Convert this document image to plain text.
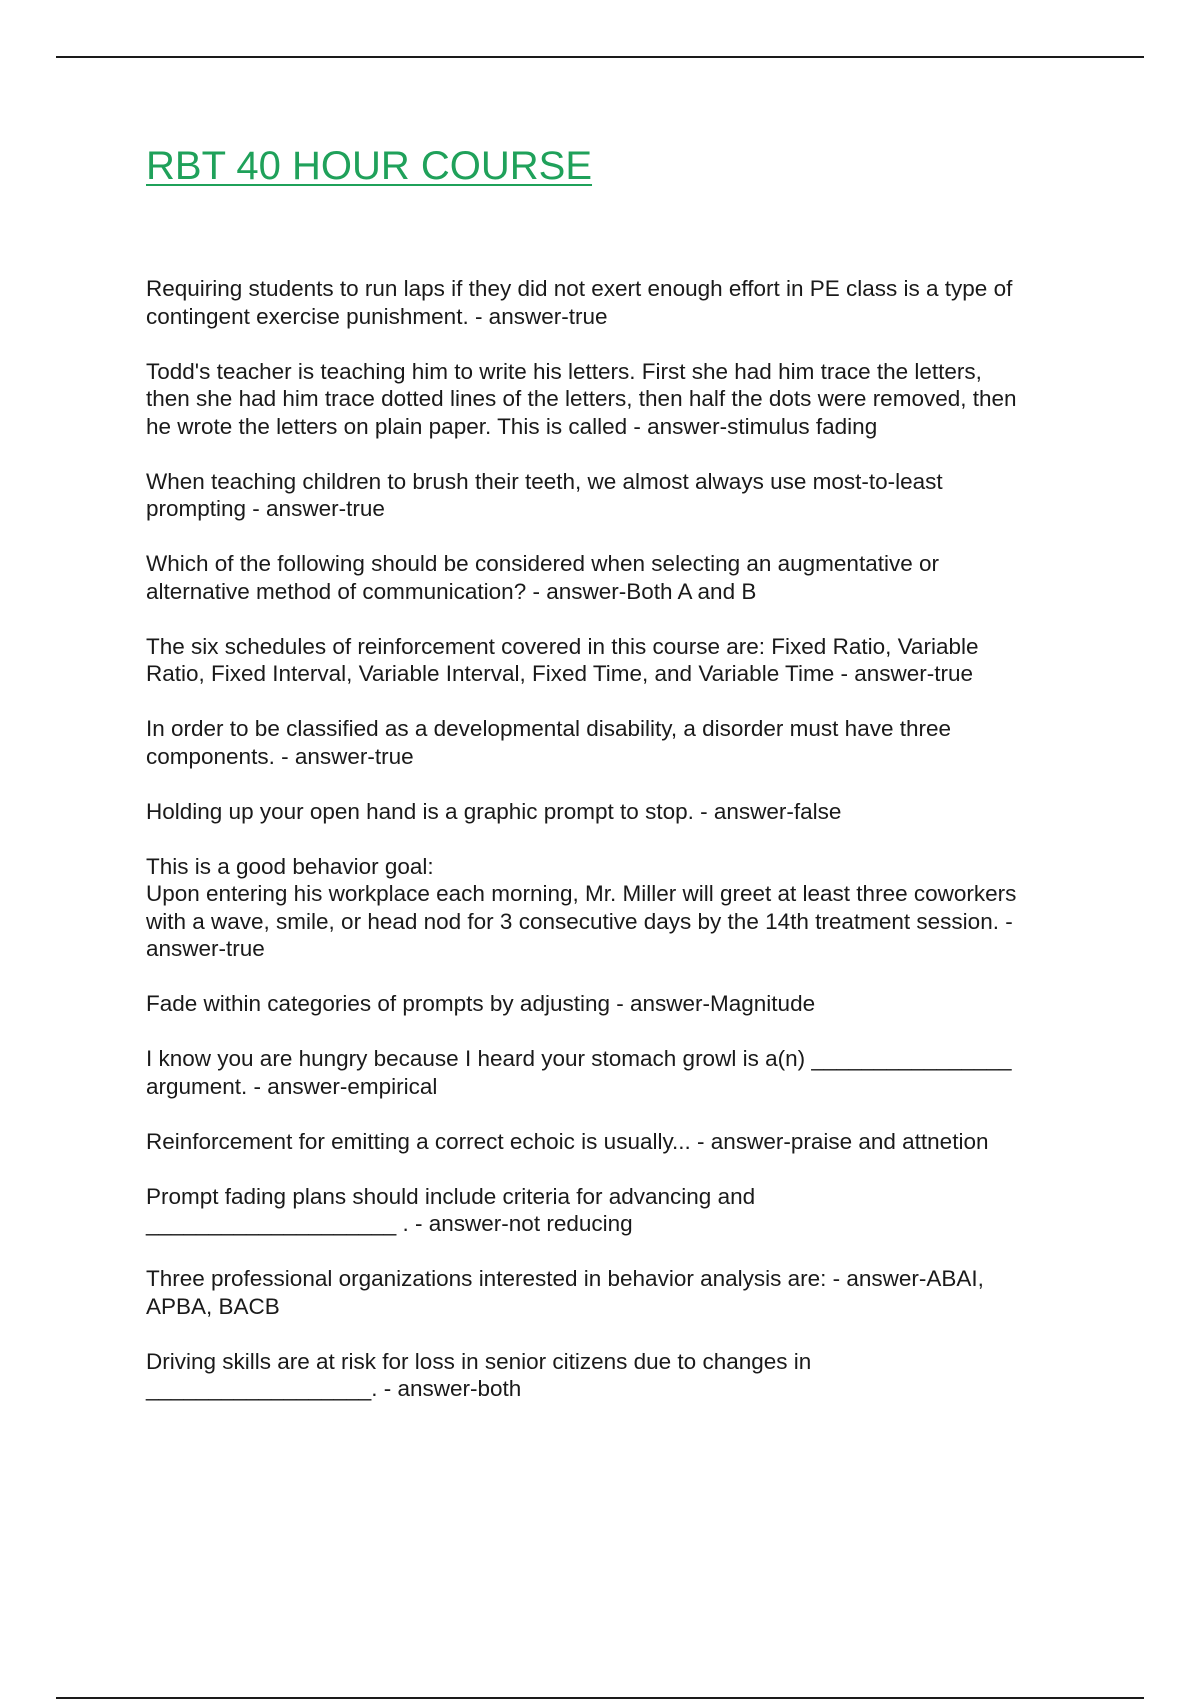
RBT 40 HOUR COURSE
Requiring students to run laps if they did not exert enough effort in PE class is a type of
contingent exercise punishment. - answer-true
Todd's teacher is teaching him to write his letters. First she had him trace the letters,
then she had him trace dotted lines of the letters, then half the dots were removed, then
he wrote the letters on plain paper. This is called - answer-stimulus fading
When teaching children to brush their teeth, we almost always use most-to-least
prompting - answer-true
Which of the following should be considered when selecting an augmentative or
alternative method of communication? - answer-Both A and B
The six schedules of reinforcement covered in this course are: Fixed Ratio, Variable
Ratio, Fixed Interval, Variable Interval, Fixed Time, and Variable Time - answer-true
In order to be classified as a developmental disability, a disorder must have three
components. - answer-true
Holding up your open hand is a graphic prompt to stop. - answer-false
This is a good behavior goal:
Upon entering his workplace each morning, Mr. Miller will greet at least three coworkers
with a wave, smile, or head nod for 3 consecutive days by the 14th treatment session. -
answer-true
Fade within categories of prompts by adjusting - answer-Magnitude
I know you are hungry because I heard your stomach growl is a(n) ________________
argument. - answer-empirical
Reinforcement for emitting a correct echoic is usually... - answer-praise and attnetion
Prompt fading plans should include criteria for advancing and
____________________ . - answer-not reducing
Three professional organizations interested in behavior analysis are: - answer-ABAI,
APBA, BACB
Driving skills are at risk for loss in senior citizens due to changes in
__________________. - answer-both
